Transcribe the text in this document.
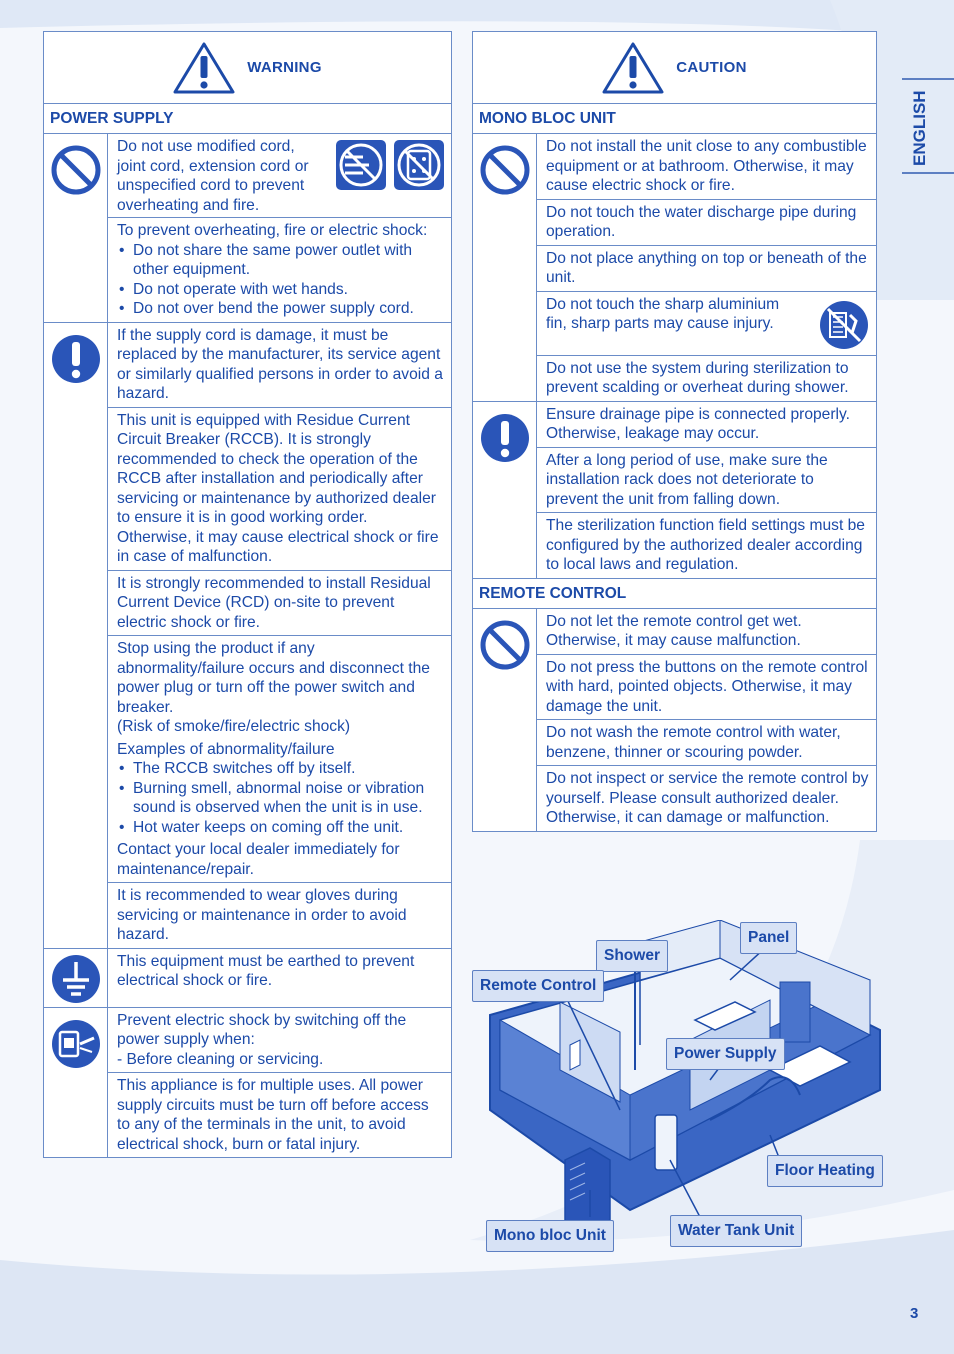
ENGLISH
WARNING
POWER SUPPLY
Do not use modified cord, joint cord, extension cord or unspecified cord to prevent overheating and fire.
To prevent overheating, fire or electric shock:
• Do not share the same power outlet with other equipment.
• Do not operate with wet hands.
• Do not over bend the power supply cord.
If the supply cord is damage, it must be replaced by the manufacturer, its service agent or similarly qualified persons in order to avoid a hazard.
This unit is equipped with Residue Current Circuit Breaker (RCCB). It is strongly recommended to check the operation of the RCCB after installation and periodically after servicing or maintenance by authorized dealer to ensure it is in good working order. Otherwise, it may cause electrical shock or fire in case of malfunction.
It is strongly recommended to install Residual Current Device (RCD) on-site to prevent electric shock or fire.
Stop using the product if any abnormality/failure occurs and disconnect the power plug or turn off the power switch and breaker.
(Risk of smoke/fire/electric shock)
Examples of abnormality/failure
• The RCCB switches off by itself.
• Burning smell, abnormal noise or vibration sound is observed when the unit is in use.
• Hot water keeps on coming off the unit.
Contact your local dealer immediately for maintenance/repair.
It is recommended to wear gloves during servicing or maintenance in order to avoid hazard.
This equipment must be earthed to prevent electrical shock or fire.
Prevent electric shock by switching off the power supply when:
- Before cleaning or servicing.
This appliance is for multiple uses. All power supply circuits must be turn off before access to any of the terminals in the unit, to avoid electrical shock, burn or fatal injury.
CAUTION
MONO BLOC UNIT
Do not install the unit close to any combustible equipment or at bathroom. Otherwise, it may cause electric shock or fire.
Do not touch the water discharge pipe during operation.
Do not place anything on top or beneath of the unit.
Do not touch the sharp aluminium fin, sharp parts may cause injury.
Do not use the system during sterilization to prevent scalding or overheat during shower.
Ensure drainage pipe is connected properly. Otherwise, leakage may occur.
After a long period of use, make sure the installation rack does not deteriorate to prevent the unit from falling down.
The sterilization function field settings must be configured by the authorized dealer according to local laws and regulation.
REMOTE CONTROL
Do not let the remote control get wet. Otherwise, it may cause malfunction.
Do not press the buttons on the remote control with hard, pointed objects. Otherwise, it may damage the unit.
Do not wash the remote control with water, benzene, thinner or scouring powder.
Do not inspect or service the remote control by yourself. Please consult authorized dealer. Otherwise, it can damage or malfunction.
Panel
Shower
Remote Control
Power Supply
Floor Heating
Water Tank Unit
Mono bloc Unit
3
